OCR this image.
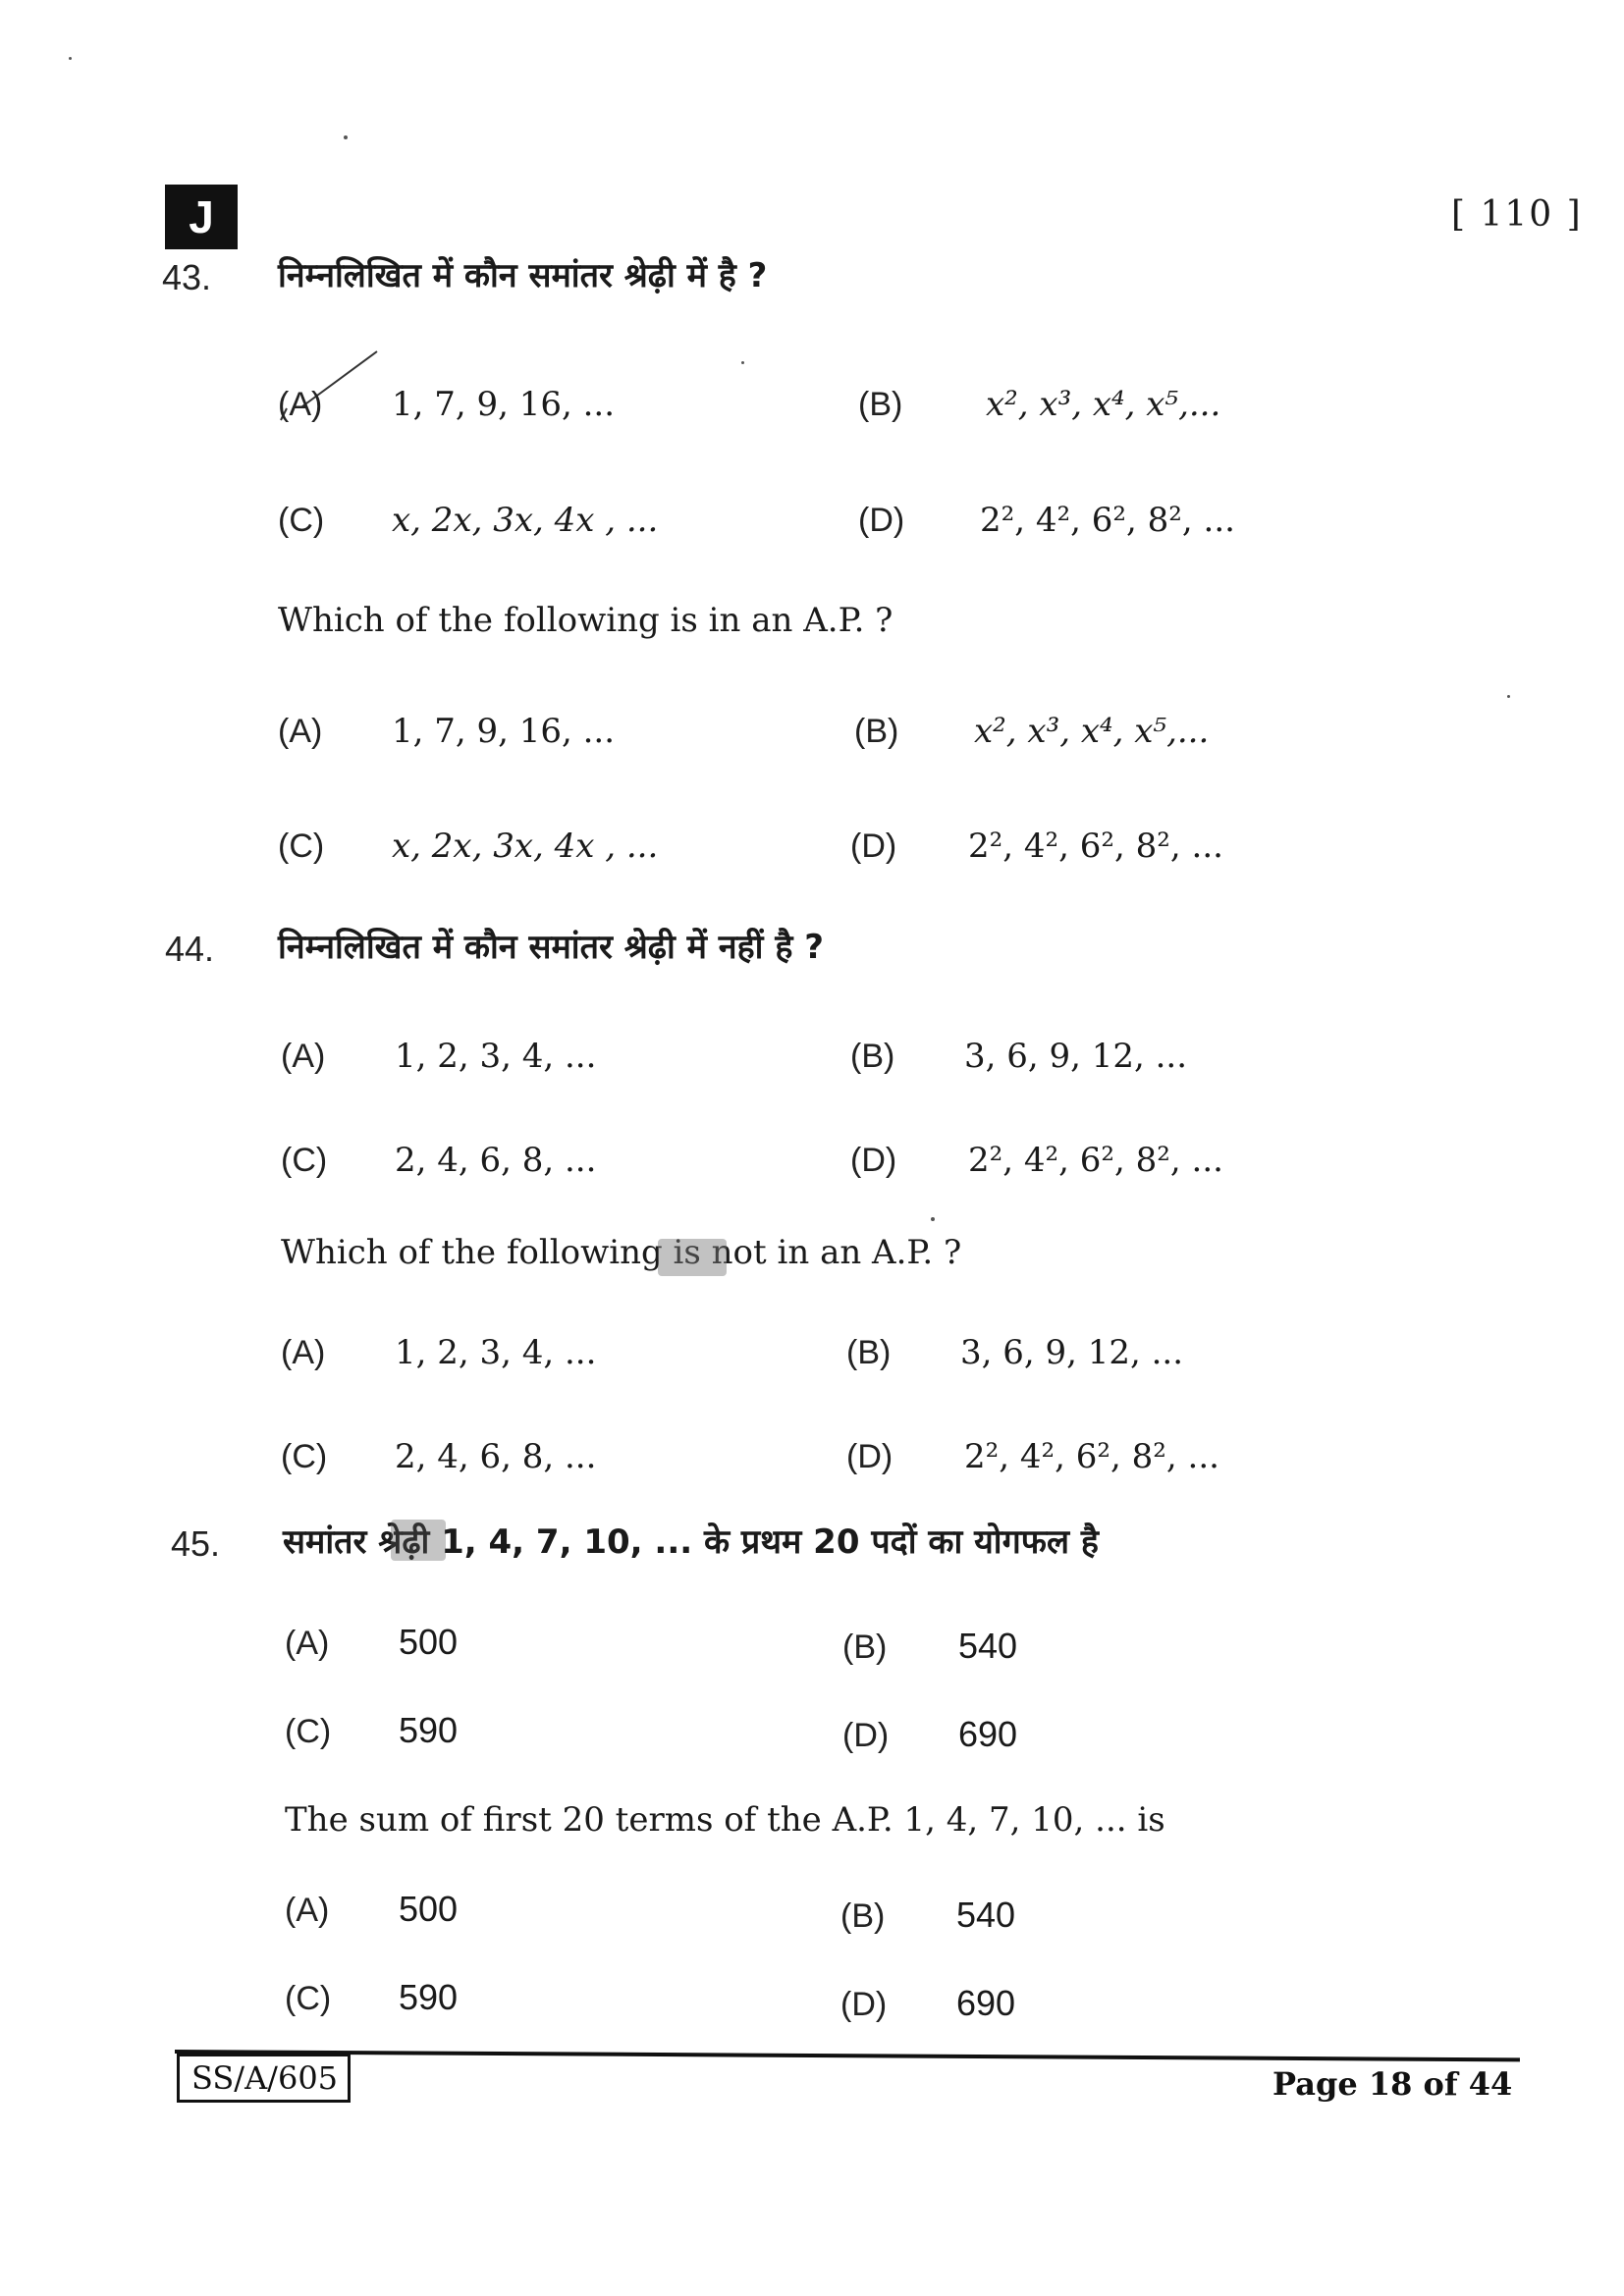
J	[ 110 ]
43. निम्नलिखित में कौन समांतर श्रेढ़ी में है ?
(A)	1, 7, 9, 16, ...	(B)	x², x³, x⁴, x⁵,...
(C)	x, 2x, 3x, 4x , ...	(D)	2², 4², 6², 8², ...
Which of the following is in an A.P. ?
(A)	1, 7, 9, 16, ...	(B)	x², x³, x⁴, x⁵,...
(C)	x, 2x, 3x, 4x , ...	(D)	2², 4², 6², 8², ...
44. निम्नलिखित में कौन समांतर श्रेढ़ी में नहीं है ?
(A)	1, 2, 3, 4, ...	(B)	3, 6, 9, 12, ...
(C)	2, 4, 6, 8, ...	(D)	2², 4², 6², 8², ...
Which of the following is not in an A.P. ?
(A)	1, 2, 3, 4, ...	(B)	3, 6, 9, 12, ...
(C)	2, 4, 6, 8, ...	(D)	2², 4², 6², 8², ...
45. समांतर श्रेढ़ी 1, 4, 7, 10, ... के प्रथम 20 पदों का योगफल है
(A)	500	(B)	540
(C)	590	(D)	690
The sum of first 20 terms of the A.P. 1, 4, 7, 10, ... is
(A)	500	(B)	540
(C)	590	(D)	690
SS/A/605	Page 18 of 44
